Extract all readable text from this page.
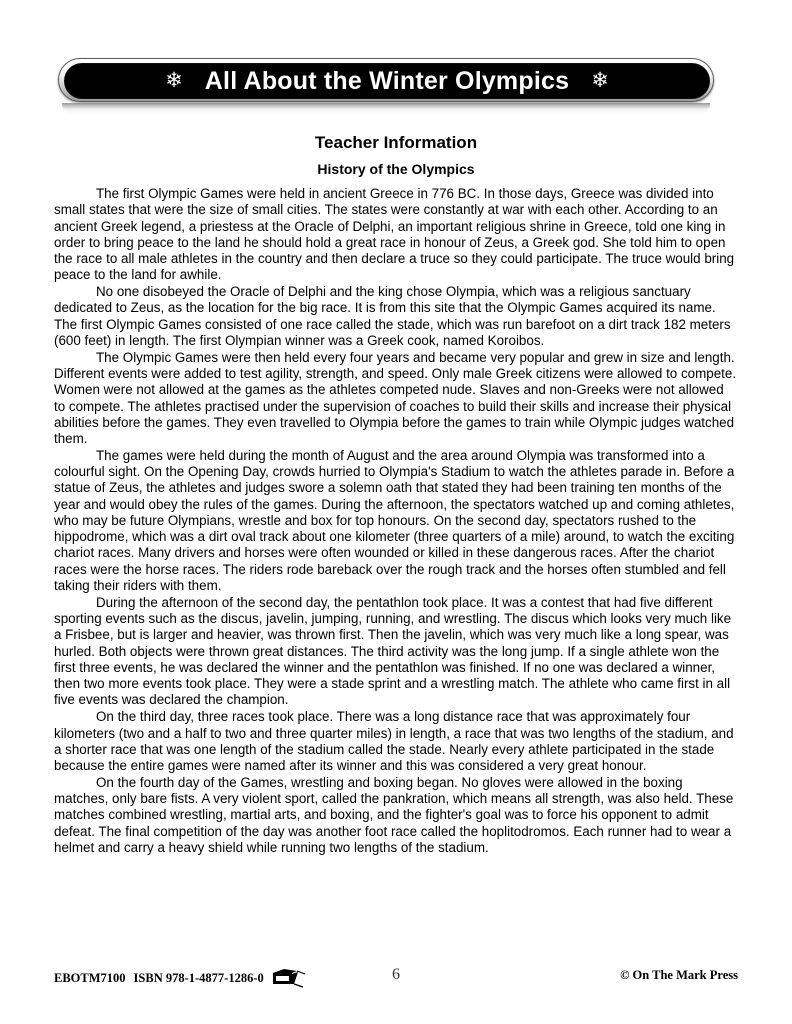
❄ All About the Winter Olympics ❄
Teacher Information
History of the Olympics

The first Olympic Games were held in ancient Greece in 776 BC. In those days, Greece was divided into small states that were the size of small cities. The states were constantly at war with each other. According to an ancient Greek legend, a priestess at the Oracle of Delphi, an important religious shrine in Greece, told one king in order to bring peace to the land he should hold a great race in honour of Zeus, a Greek god. She told him to open the race to all male athletes in the country and then declare a truce so they could participate. The truce would bring peace to the land for awhile.

No one disobeyed the Oracle of Delphi and the king chose Olympia, which was a religious sanctuary dedicated to Zeus, as the location for the big race. It is from this site that the Olympic Games acquired its name. The first Olympic Games consisted of one race called the stade, which was run barefoot on a dirt track 182 meters (600 feet) in length. The first Olympian winner was a Greek cook, named Koroibos.

The Olympic Games were then held every four years and became very popular and grew in size and length. Different events were added to test agility, strength, and speed. Only male Greek citizens were allowed to compete. Women were not allowed at the games as the athletes competed nude. Slaves and non-Greeks were not allowed to compete. The athletes practised under the supervision of coaches to build their skills and increase their physical abilities before the games. They even travelled to Olympia before the games to train while Olympic judges watched them.

The games were held during the month of August and the area around Olympia was transformed into a colourful sight. On the Opening Day, crowds hurried to Olympia's Stadium to watch the athletes parade in. Before a statue of Zeus, the athletes and judges swore a solemn oath that stated they had been training ten months of the year and would obey the rules of the games. During the afternoon, the spectators watched up and coming athletes, who may be future Olympians, wrestle and box for top honours. On the second day, spectators rushed to the hippodrome, which was a dirt oval track about one kilometer (three quarters of a mile) around, to watch the exciting chariot races. Many drivers and horses were often wounded or killed in these dangerous races. After the chariot races were the horse races. The riders rode bareback over the rough track and the horses often stumbled and fell taking their riders with them.

During the afternoon of the second day, the pentathlon took place. It was a contest that had five different sporting events such as the discus, javelin, jumping, running, and wrestling. The discus which looks very much like a Frisbee, but is larger and heavier, was thrown first. Then the javelin, which was very much like a long spear, was hurled. Both objects were thrown great distances. The third activity was the long jump. If a single athlete won the first three events, he was declared the winner and the pentathlon was finished. If no one was declared a winner, then two more events took place. They were a stade sprint and a wrestling match. The athlete who came first in all five events was declared the champion.

On the third day, three races took place. There was a long distance race that was approximately four kilometers (two and a half to two and three quarter miles) in length, a race that was two lengths of the stadium, and a shorter race that was one length of the stadium called the stade. Nearly every athlete participated in the stade because the entire games were named after its winner and this was considered a very great honour.

On the fourth day of the Games, wrestling and boxing began. No gloves were allowed in the boxing matches, only bare fists. A very violent sport, called the pankration, which means all strength, was also held. These matches combined wrestling, martial arts, and boxing, and the fighter's goal was to force his opponent to admit defeat. The final competition of the day was another foot race called the hoplitodromos. Each runner had to wear a helmet and carry a heavy shield while running two lengths of the stadium.

EBOTM7100 ISBN 978-1-4877-1286-0	6	© On The Mark Press
